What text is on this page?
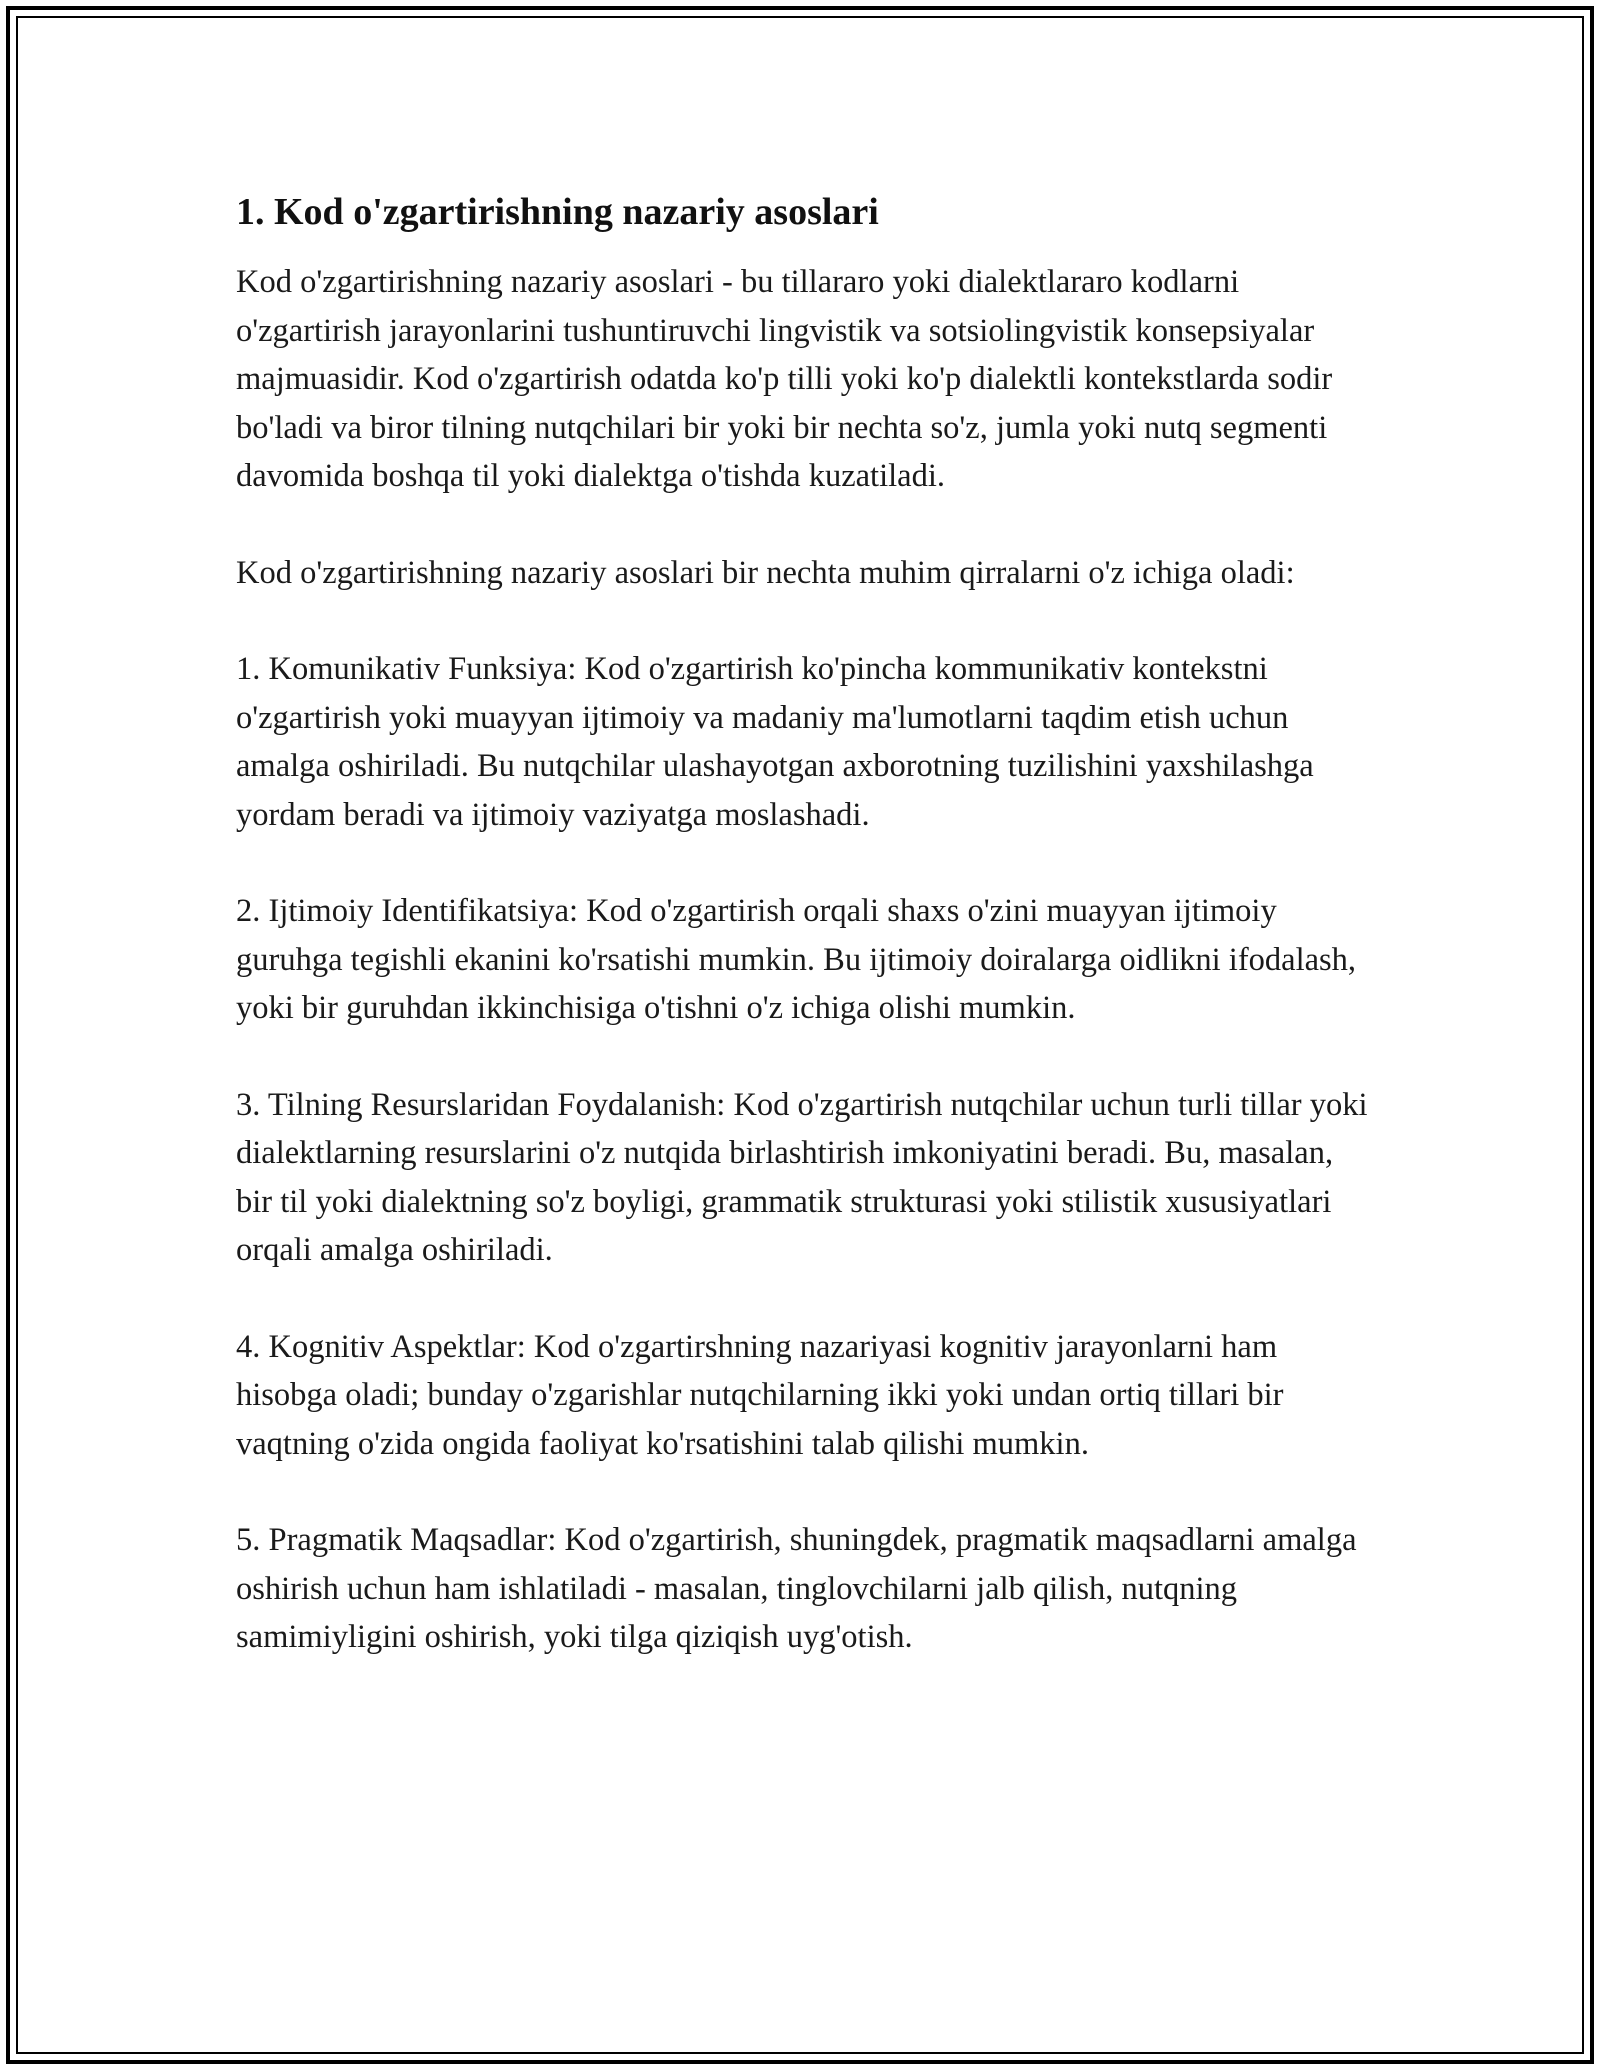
1. Kod o'zgartirishning nazariy asoslari

Kod o'zgartirishning nazariy asoslari - bu tillararo yoki dialektlararo kodlarni o'zgartirish jarayonlarini tushuntiruvchi lingvistik va sotsiolingvistik konsepsiyalar majmuasidir. Kod o'zgartirish odatda ko'p tilli yoki ko'p dialektli kontekstlarda sodir bo'ladi va biror tilning nutqchilari bir yoki bir nechta so'z, jumla yoki nutq segmenti davomida boshqa til yoki dialektga o'tishda kuzatiladi.

Kod o'zgartirishning nazariy asoslari bir nechta muhim qirralarni o'z ichiga oladi:

1. Komunikativ Funksiya: Kod o'zgartirish ko'pincha kommunikativ kontekstni o'zgartirish yoki muayyan ijtimoiy va madaniy ma'lumotlarni taqdim etish uchun amalga oshiriladi. Bu nutqchilar ulashayotgan axborotning tuzilishini yaxshilashga yordam beradi va ijtimoiy vaziyatga moslashadi.

2. Ijtimoiy Identifikatsiya: Kod o'zgartirish orqali shaxs o'zini muayyan ijtimoiy guruhga tegishli ekanini ko'rsatishi mumkin. Bu ijtimoiy doiralarga oidlikni ifodalash, yoki bir guruhdan ikkinchisiga o'tishni o'z ichiga olishi mumkin.

3. Tilning Resurslaridan Foydalanish: Kod o'zgartirish nutqchilar uchun turli tillar yoki dialektlarning resurslarini o'z nutqida birlashtirish imkoniyatini beradi. Bu, masalan, bir til yoki dialektning so'z boyligi, grammatik strukturasi yoki stilistik xususiyatlari orqali amalga oshiriladi.

4. Kognitiv Aspektlar: Kod o'zgartirshning nazariyasi kognitiv jarayonlarni ham hisobga oladi; bunday o'zgarishlar nutqchilarning ikki yoki undan ortiq tillari bir vaqtning o'zida ongida faoliyat ko'rsatishini talab qilishi mumkin.

5. Pragmatik Maqsadlar: Kod o'zgartirish, shuningdek, pragmatik maqsadlarni amalga oshirish uchun ham ishlatiladi - masalan, tinglovchilarni jalb qilish, nutqning samimiyligini oshirish, yoki tilga qiziqish uyg'otish.
